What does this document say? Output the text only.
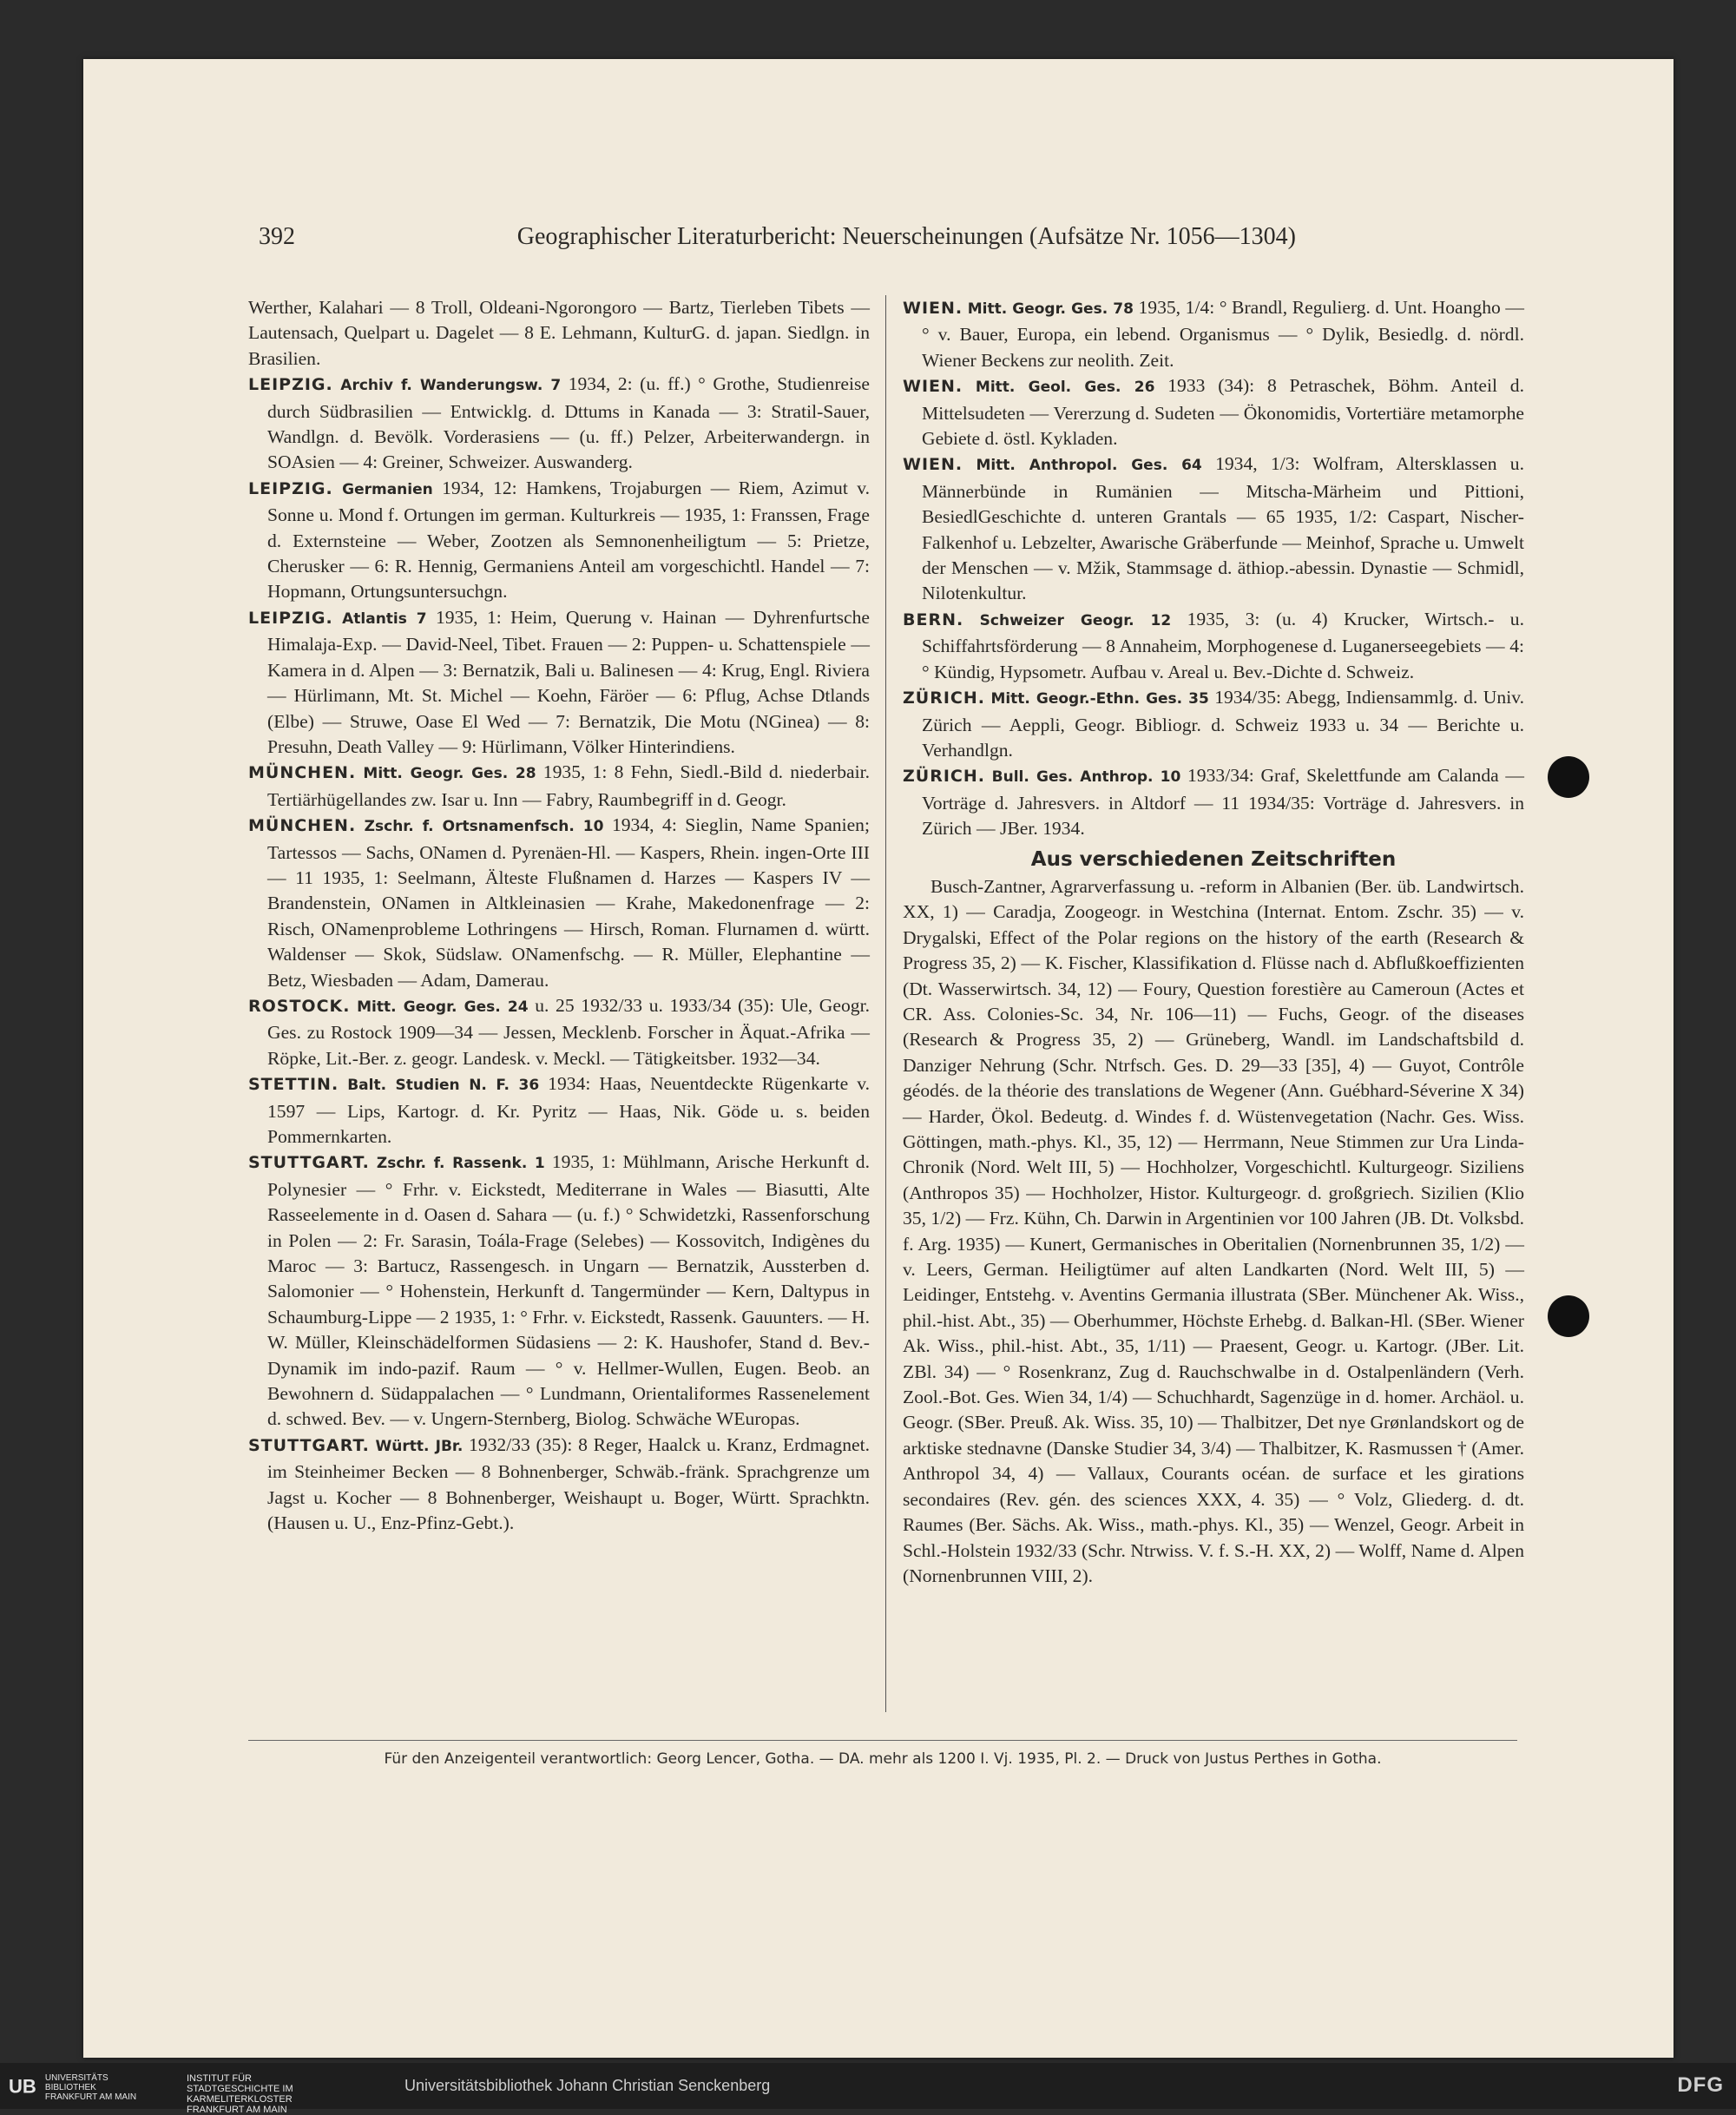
392	Geographischer Literaturbericht: Neuerscheinungen (Aufsätze Nr. 1056—1304)
Werther, Kalahari — 8 Troll, Oldeani-Ngorongoro — Bartz, Tierleben Tibets — Lautensach, Quelpart u. Dagelet — 8 E. Lehmann, KulturG. d. japan. Siedlgn. in Brasilien.
LEIPZIG. Archiv f. Wanderungsw. 7 1934, 2: (u. ff.) ° Grothe, Studienreise durch Südbrasilien — Entwicklg. d. Dttums in Kanada — 3: Stratil-Sauer, Wandlgn. d. Bevölk. Vorderasiens — (u. ff.) Pelzer, Arbeiterwandergn. in SOAsien — 4: Greiner, Schweizer. Auswanderg.
LEIPZIG. Germanien 1934, 12: Hamkens, Trojaburgen — Riem, Azimut v. Sonne u. Mond f. Ortungen im german. Kulturkreis — 1935, 1: Franssen, Frage d. Externsteine — Weber, Zootzen als Semnonenheiligtum — 5: Prietze, Cherusker — 6: R. Hennig, Germaniens Anteil am vorgeschichtl. Handel — 7: Hopmann, Ortungsuntersuchgn.
LEIPZIG. Atlantis 7 1935, 1: Heim, Querung v. Hainan — Dyhrenfurtsche Himalaja-Exp. — David-Neel, Tibet. Frauen — 2: Puppen- u. Schattenspiele — Kamera in d. Alpen — 3: Bernatzik, Bali u. Balinesen — 4: Krug, Engl. Riviera — Hürlimann, Mt. St. Michel — Koehn, Färöer — 6: Pflug, Achse Dtlands (Elbe) — Struwe, Oase El Wed — 7: Bernatzik, Die Motu (NGinea) — 8: Presuhn, Death Valley — 9: Hürlimann, Völker Hinterindiens.
MÜNCHEN. Mitt. Geogr. Ges. 28 1935, 1: 8 Fehn, Siedl.-Bild d. niederbair. Tertiärhügellandes zw. Isar u. Inn — Fabry, Raumbegriff in d. Geogr.
MÜNCHEN. Zschr. f. Ortsnamenfsch. 10 1934, 4: Sieglin, Name Spanien; Tartessos — Sachs, ONamen d. Pyrenäen-Hl. — Kaspers, Rhein. ingen-Orte III — 11 1935, 1: Seelmann, Älteste Flußnamen d. Harzes — Kaspers IV — Brandenstein, ONamen in Altkleinasien — Krahe, Makedonenfrage — 2: Risch, ONamenprobleme Lothringens — Hirsch, Roman. Flurnamen d. württ. Waldenser — Skok, Südslaw. ONamenfschg. — R. Müller, Elephantine — Betz, Wiesbaden — Adam, Damerau.
ROSTOCK. Mitt. Geogr. Ges. 24 u. 25 1932/33 u. 1933/34 (35): Ule, Geogr. Ges. zu Rostock 1909—34 — Jessen, Mecklenb. Forscher in Äquat.-Afrika — Röpke, Lit.-Ber. z. geogr. Landesk. v. Meckl. — Tätigkeitsber. 1932—34.
STETTIN. Balt. Studien N. F. 36 1934: Haas, Neuentdeckte Rügenkarte v. 1597 — Lips, Kartogr. d. Kr. Pyritz — Haas, Nik. Göde u. s. beiden Pommernkarten.
STUTTGART. Zschr. f. Rassenk. 1 1935, 1: Mühlmann, Arische Herkunft d. Polynesier — ° Frhr. v. Eickstedt, Mediterrane in Wales — Biasutti, Alte Rasseelemente in d. Oasen d. Sahara — (u. f.) ° Schwidetzki, Rassenforschung in Polen — 2: Fr. Sarasin, Toála-Frage (Selebes) — Kossovitch, Indigènes du Maroc — 3: Bartucz, Rassengesch. in Ungarn — Bernatzik, Aussterben d. Salomonier — ° Hohenstein, Herkunft d. Tangermünder — Kern, Daltypus in Schaumburg-Lippe — 2 1935, 1: ° Frhr. v. Eickstedt, Rassenk. Gauunters. — H. W. Müller, Kleinschädelformen Südasiens — 2: K. Haushofer, Stand d. Bev.-Dynamik im indo-pazif. Raum — ° v. Hellmer-Wullen, Eugen. Beob. an Bewohnern d. Südappalachen — ° Lundmann, Orientaliformes Rassenelement d. schwed. Bev. — v. Ungern-Sternberg, Biolog. Schwäche WEuropas.
STUTTGART. Württ. JBr. 1932/33 (35): 8 Reger, Haalck u. Kranz, Erdmagnet. im Steinheimer Becken — 8 Bohnenberger, Schwäb.-fränk. Sprachgrenze um Jagst u. Kocher — 8 Bohnenberger, Weishaupt u. Boger, Württ. Sprachktn. (Hausen u. U., Enz-Pfinz-Gebt.).
WIEN. Mitt. Geogr. Ges. 78 1935, 1/4: ° Brandl, Regulierg. d. Unt. Hoangho — ° v. Bauer, Europa, ein lebend. Organismus — ° Dylik, Besiedlg. d. nördl. Wiener Beckens zur neolith. Zeit.
WIEN. Mitt. Geol. Ges. 26 1933 (34): 8 Petraschek, Böhm. Anteil d. Mittelsudeten — Vererzung d. Sudeten — Ökonomidis, Vortertiäre metamorphe Gebiete d. östl. Kykladen.
WIEN. Mitt. Anthropol. Ges. 64 1934, 1/3: Wolfram, Altersklassen u. Männerbünde in Rumänien — Mitscha-Märheim und Pittioni, BesiedlGeschichte d. unteren Grantals — 65 1935, 1/2: Caspart, Nischer-Falkenhof u. Lebzelter, Awarische Gräberfunde — Meinhof, Sprache u. Umwelt der Menschen — v. Mžik, Stammsage d. äthiop.-abessin. Dynastie — Schmidl, Nilotenkultur.
BERN. Schweizer Geogr. 12 1935, 3: (u. 4) Krucker, Wirtsch.- u. Schiffahrtsförderung — 8 Annaheim, Morphogenese d. Luganerseegebiets — 4: ° Kündig, Hypsometr. Aufbau v. Areal u. Bev.-Dichte d. Schweiz.
ZÜRICH. Mitt. Geogr.-Ethn. Ges. 35 1934/35: Abegg, Indiensammlg. d. Univ. Zürich — Aeppli, Geogr. Bibliogr. d. Schweiz 1933 u. 34 — Berichte u. Verhandlgn.
ZÜRICH. Bull. Ges. Anthrop. 10 1933/34: Graf, Skelettfunde am Calanda — Vorträge d. Jahresvers. in Altdorf — 11 1934/35: Vorträge d. Jahresvers. in Zürich — JBer. 1934.
Aus verschiedenen Zeitschriften
Busch-Zantner, Agrarverfassung u. -reform in Albanien (Ber. üb. Landwirtsch. XX, 1) — Caradja, Zoogeogr. in Westchina (Internat. Entom. Zschr. 35) — v. Drygalski, Effect of the Polar regions on the history of the earth (Research & Progress 35, 2) — K. Fischer, Klassifikation d. Flüsse nach d. Abflußkoeffizienten (Dt. Wasserwirtsch. 34, 12) — Foury, Question forestière au Cameroun (Actes et CR. Ass. Colonies-Sc. 34, Nr. 106—11) — Fuchs, Geogr. of the diseases (Research & Progress 35, 2) — Grüneberg, Wandl. im Landschaftsbild d. Danziger Nehrung (Schr. Ntrfsch. Ges. D. 29—33 [35], 4) — Guyot, Contrôle géodés. de la théorie des translations de Wegener (Ann. Guébhard-Séverine X 34) — Harder, Ökol. Bedeutg. d. Windes f. d. Wüstenvegetation (Nachr. Ges. Wiss. Göttingen, math.-phys. Kl., 35, 12) — Herrmann, Neue Stimmen zur Ura Linda-Chronik (Nord. Welt III, 5) — Hochholzer, Vorgeschichtl. Kulturgeogr. Siziliens (Anthropos 35) — Hochholzer, Histor. Kulturgeogr. d. großgriech. Sizilien (Klio 35, 1/2) — Frz. Kühn, Ch. Darwin in Argentinien vor 100 Jahren (JB. Dt. Volksbd. f. Arg. 1935) — Kunert, Germanisches in Oberitalien (Nornenbrunnen 35, 1/2) — v. Leers, German. Heiligtümer auf alten Landkarten (Nord. Welt III, 5) — Leidinger, Entstehg. v. Aventins Germania illustrata (SBer. Münchener Ak. Wiss., phil.-hist. Abt., 35) — Oberhummer, Höchste Erhebg. d. Balkan-Hl. (SBer. Wiener Ak. Wiss., phil.-hist. Abt., 35, 1/11) — Praesent, Geogr. u. Kartogr. (JBer. Lit. ZBl. 34) — ° Rosenkranz, Zug d. Rauchschwalbe in d. Ostalpenländern (Verh. Zool.-Bot. Ges. Wien 34, 1/4) — Schuchhardt, Sagenzüge in d. homer. Archäol. u. Geogr. (SBer. Preuß. Ak. Wiss. 35, 10) — Thalbitzer, Det nye Grønlandskort og de arktiske stednavne (Danske Studier 34, 3/4) — Thalbitzer, K. Rasmussen † (Amer. Anthropol 34, 4) — Vallaux, Courants océan. de surface et les girations secondaires (Rev. gén. des sciences XXX, 4. 35) — ° Volz, Gliederg. d. dt. Raumes (Ber. Sächs. Ak. Wiss., math.-phys. Kl., 35) — Wenzel, Geogr. Arbeit in Schl.-Holstein 1932/33 (Schr. Ntrwiss. V. f. S.-H. XX, 2) — Wolff, Name d. Alpen (Nornenbrunnen VIII, 2).
Für den Anzeigenteil verantwortlich: Georg Lencer, Gotha. — DA. mehr als 1200 I. Vj. 1935, Pl. 2. — Druck von Justus Perthes in Gotha.
UB UNIVERSITÄTS BIBLIOTHEK FRANKFURT AM MAIN
INSTITUT FÜR STADTGESCHICHTE IM KARMELITERKLOSTER FRANKFURT AM MAIN
Universitätsbibliothek Johann Christian Senckenberg	DFG
